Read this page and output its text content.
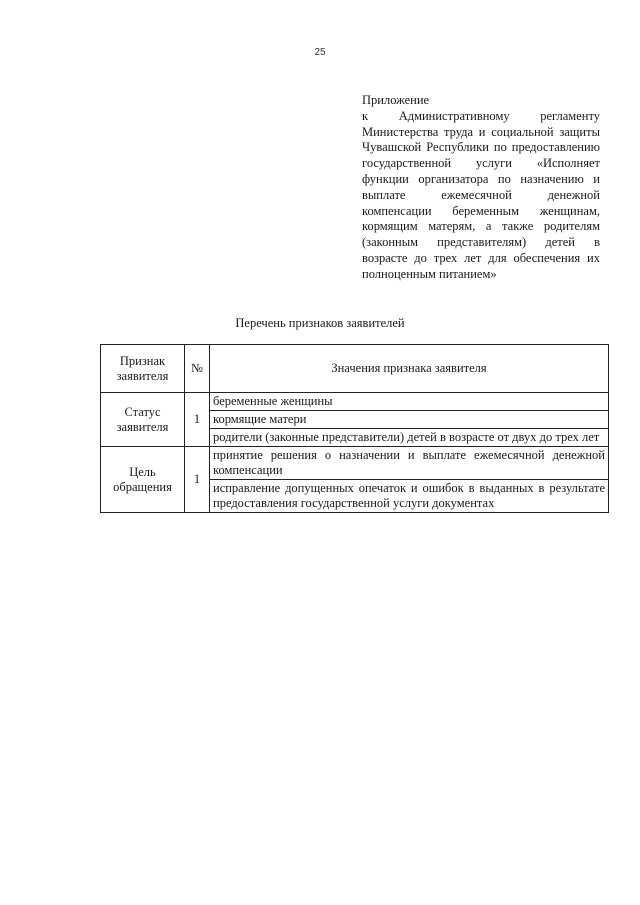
25
Приложение
к Административному регламенту Министерства труда и социальной защиты Чувашской Республики по предоставлению государственной услуги «Исполняет функции организатора по назначению и выплате ежемесячной денежной компенсации беременным женщинам, кормящим матерям, а также родителям (законным представителям) детей в возрасте до трех лет для обеспечения их полноценным питанием»
Перечень признаков заявителей
Признак заявителя	№	Значения признака заявителя
Статус заявителя	1	беременные женщины
		кормящие матери
		родители (законные представители) детей в возрасте от двух до трех лет
Цель обращения	1	принятие решения о назначении и выплате ежемесячной денежной компенсации
		исправление допущенных опечаток и ошибок в выданных в результате предоставления государственной услуги документах
